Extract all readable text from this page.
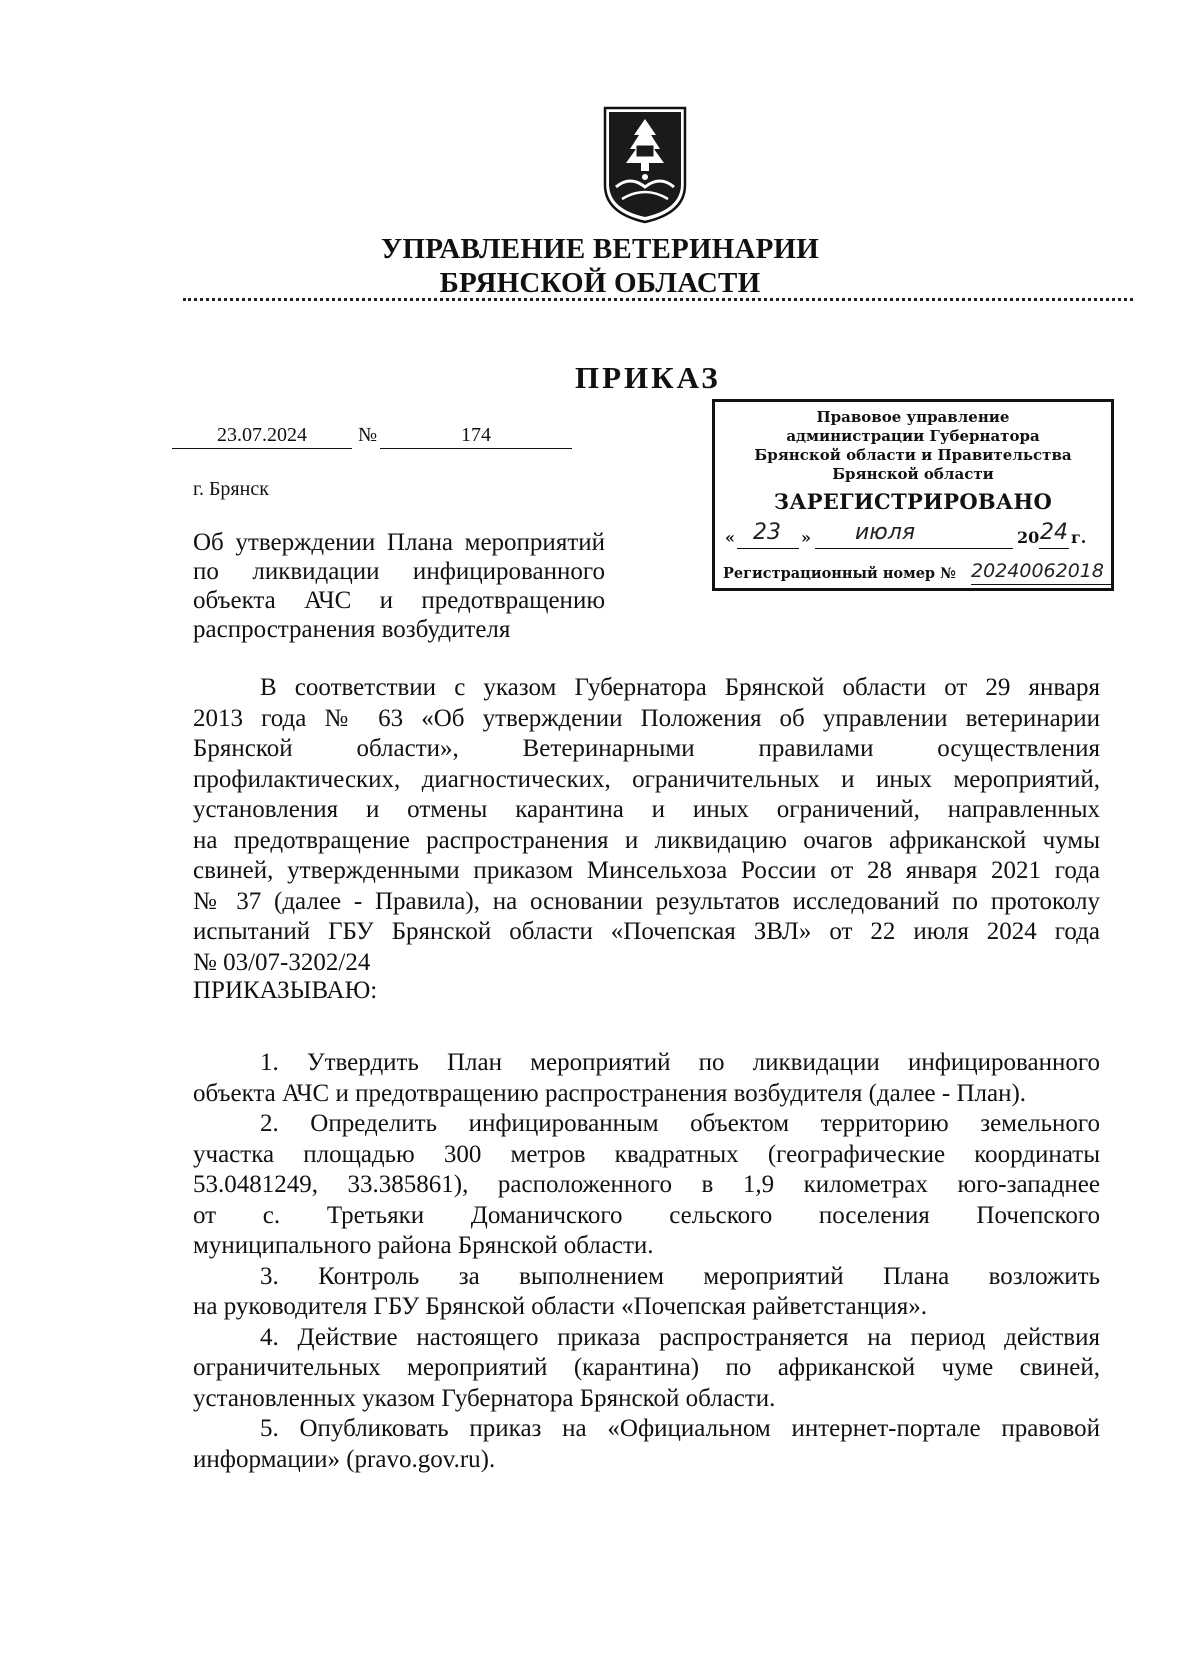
УПРАВЛЕНИЕ ВЕТЕРИНАРИИ
БРЯНСКОЙ ОБЛАСТИ
ПРИКАЗ
23.07.2024	№	174
г. Брянск
Об утверждении Плана мероприятий
по ликвидации инфицированного
объекта АЧС и предотвращению
распространения возбудителя
Правовое управление
администрации Губернатора
Брянской области и Правительства
Брянской области
ЗАРЕГИСТРИРОВАНО
« 23 » июля	20 24 г.
Регистрационный номер № 20240062018
В соответствии с указом Губернатора Брянской области от 29 января
2013 года № 63 «Об утверждении Положения об управлении ветеринарии
Брянской области», Ветеринарными правилами осуществления
профилактических, диагностических, ограничительных и иных мероприятий,
установления и отмены карантина и иных ограничений, направленных
на предотвращение распространения и ликвидацию очагов африканской чумы
свиней, утвержденными приказом Минсельхоза России от 28 января 2021 года
№ 37 (далее - Правила), на основании результатов исследований по протоколу
испытаний ГБУ Брянской области «Почепская ЗВЛ» от 22 июля 2024 года
№ 03/07-3202/24
ПРИКАЗЫВАЮ:
1. Утвердить План мероприятий по ликвидации инфицированного
объекта АЧС и предотвращению распространения возбудителя (далее - План).
2. Определить инфицированным объектом территорию земельного
участка площадью 300 метров квадратных (географические координаты
53.0481249, 33.385861), расположенного в 1,9 километрах юго-западнее
от с. Третьяки Доманичского сельского поселения Почепского
муниципального района Брянской области.
3. Контроль за выполнением мероприятий Плана возложить
на руководителя ГБУ Брянской области «Почепская райветстанция».
4. Действие настоящего приказа распространяется на период действия
ограничительных мероприятий (карантина) по африканской чуме свиней,
установленных указом Губернатора Брянской области.
5. Опубликовать приказ на «Официальном интернет-портале правовой
информации» (pravo.gov.ru).
